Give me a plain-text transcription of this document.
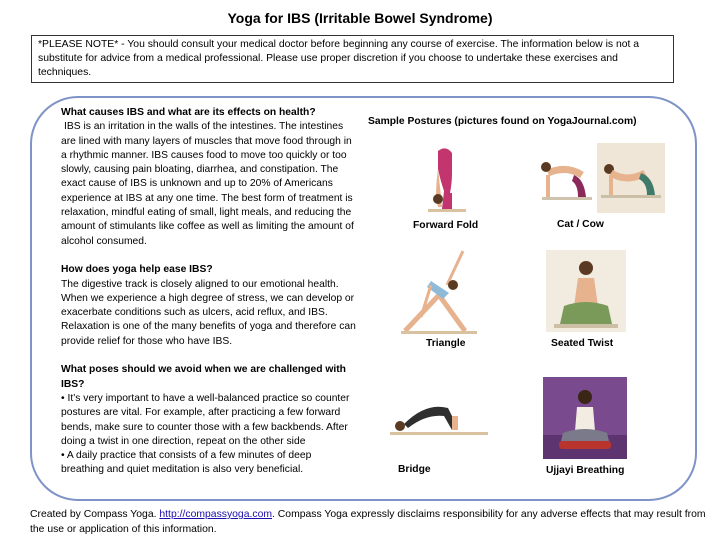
Yoga for IBS (Irritable Bowel Syndrome)
*PLEASE NOTE* - You should consult your medical doctor before beginning any course of exercise. The information below is not a substitute for advice from a medical professional. Please use proper discretion if you choose to undertake these exercises and techniques.

What causes IBS and what are its effects on health?

IBS is an irritation in the walls of the intestines. The intestines are lined with many layers of muscles that move food through in a rhythmic manner. IBS causes food to move too quickly or too slowly, causing pain bloating, diarrhea, and constipation. The exact cause of IBS is unknown and up to 20% of Americans experience at IBS at any one time. The best form of treatment is relaxation, mindful eating of small, light meals, and reducing the amount of stimulants like coffee as well as limiting the amount of alcohol consumed.

How does yoga help ease IBS?

The digestive track is closely aligned to our emotional health. When we experience a high degree of stress, we can develop or exacerbate conditions such as ulcers, acid reflux, and IBS. Relaxation is one of the many benefits of yoga and therefore can provide relief for those who have IBS.

What poses should we avoid when we are challenged with IBS?

• It’s very important to have a well-balanced practice so counter postures are vital. For example, after practicing a few forward bends, make sure to counter those with a few backbends. After doing a twist in one direction, repeat on the other side

• A daily practice that consists of a few minutes of deep breathing and quiet meditation is also very beneficial.

Sample Postures (pictures found on YogaJournal.com)
Forward Fold	Cat / Cow
Triangle	Seated Twist
Bridge	Ujjayi Breathing
Created by Compass Yoga. http://compassyoga.com. Compass Yoga expressly disclaims responsibility for any adverse effects that may result from the use or application of this information.
